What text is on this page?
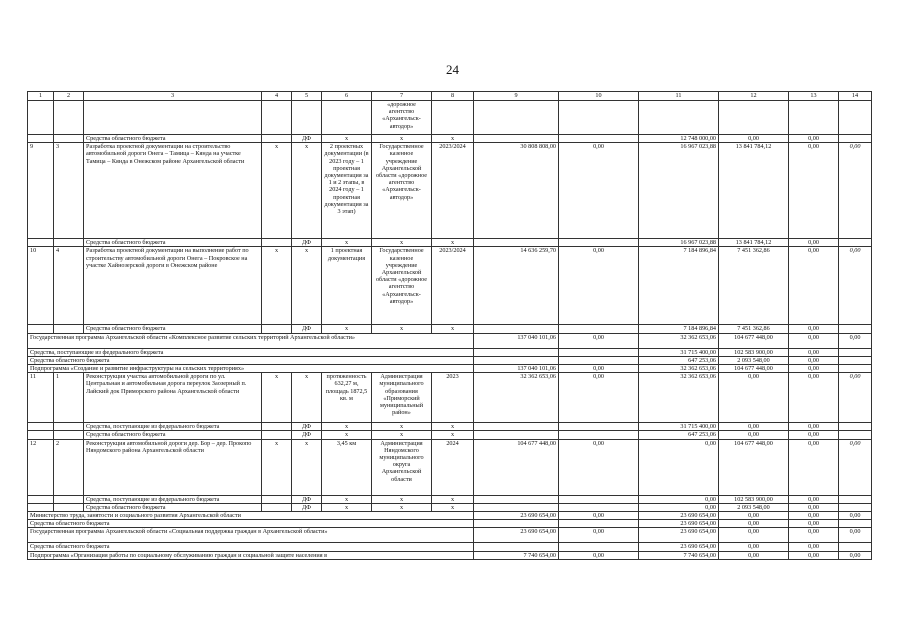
24
1	2	3	4	5	6	7	8	9	10	11	12	13	14
						«дорожное агентство «Архангельск-автодор»							
		Средства областного бюджета		ДФ	х	х	х			12 748 000,00	0,00	0,00	
9	3	Разработка проектной документации на строительство автомобильной дороги Онега – Тамица – Кянда на участке Тамица – Кянда в Онежском районе Архангельской области	х	х	2 проектных документации (в 2023 году – 1 проектная документация за 1 и 2 этапы, в 2024 году – 1 проектная документация за 3 этап)	Государственное казенное учреждение Архангельской области «дорожное агентство «Архангельск-автодор»	2023/2024	30 808 808,00	0,00	16 967 023,88	13 841 784,12	0,00	0,00
		Средства областного бюджета		ДФ	х	х	х			16 967 023,88	13 841 784,12	0,00	
10	4	Разработка проектной документации на выполнение работ по строительству автомобильной дороги Онега – Покровское на участке Хайнозерской дороги в Онежском районе	х	х	1 проектная документация	Государственное казенное учреждение Архангельской области «дорожное агентство «Архангельск-автодор»	2023/2024	14 636 259,70	0,00	7 184 896,84	7 451 362,86	0,00	0,00
		Средства областного бюджета		ДФ	х	х	х			7 184 896,84	7 451 362,86	0,00	
Государственная программа Архангельской области «Комплексное развитие сельских территорий Архангельской области»								137 040 101,06	0,00	32 362 653,06	104 677 448,00	0,00	0,00
Средства, поступающие из федерального бюджета										31 715 400,00	102 583 900,00	0,00	
Средства областного бюджета										647 253,06	2 093 548,00	0,00	
Подпрограмма «Создание и развитие инфраструктуры на сельских территориях»								137 040 101,06	0,00	32 362 653,06	104 677 448,00	0,00	
11	1	Реконструкция участка автомобильной дороги по ул. Центральная и автомобильная дорога переулок Заозерный п. Лайский док Приморского района Архангельской области	х	х	протяженность 632,27 м, площадь 1872,5 кв. м	Администрация муниципального образования «Приморский муниципальный район»	2023	32 362 653,06	0,00	32 362 653,06	0,00	0,00	0,00
		Средства, поступающие из федерального бюджета		ДФ	х	х	х			31 715 400,00	0,00	0,00	
		Средства областного бюджета		ДФ	х	х	х			647 253,06	0,00	0,00	
12	2	Реконструкция автомобильной дороги дер. Бор – дер. Прокопо Няндомского района Архангельской области	х	х	3,45 км	Администрация Няндомского муниципального округа Архангельской области	2024	104 677 448,00	0,00	0,00	104 677 448,00	0,00	0,00
		Средства, поступающие из федерального бюджета		ДФ	х	х	х			0,00	102 583 900,00	0,00	
		Средства областного бюджета		ДФ	х	х	х			0,00	2 093 548,00	0,00	
Министерство труда, занятости и социального развития Архангельской области								23 690 654,00	0,00	23 690 654,00	0,00	0,00	0,00
Средства областного бюджета										23 690 654,00	0,00	0,00	
Государственная программа Архангельской области «Социальная поддержка граждан в Архангельской области»								23 690 654,00	0,00	23 690 654,00	0,00	0,00	0,00
Средства областного бюджета										23 690 654,00	0,00	0,00	
Подпрограмма «Организация работы по социальному обслуживанию граждан и социальной защите населения в								7 740 654,00	0,00	7 740 654,00	0,00	0,00	0,00
